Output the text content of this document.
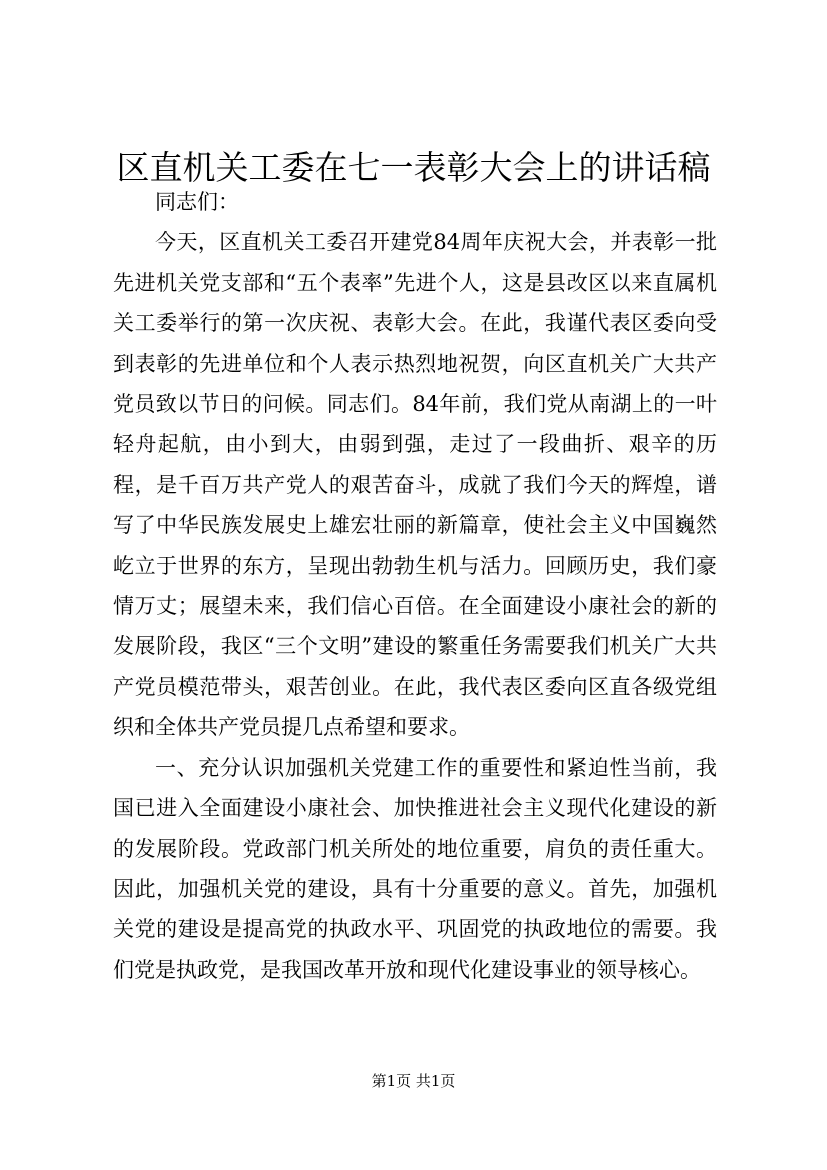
区直机关工委在七一表彰大会上的讲话稿

同志们：

今天，区直机关工委召开建党84周年庆祝大会，并表彰一批先进机关党支部和“五个表率”先进个人，这是县改区以来直属机关工委举行的第一次庆祝、表彰大会。在此，我谨代表区委向受到表彰的先进单位和个人表示热烈地祝贺，向区直机关广大共产党员致以节日的问候。同志们。84年前，我们党从南湖上的一叶轻舟起航，由小到大，由弱到强，走过了一段曲折、艰辛的历程，是千百万共产党人的艰苦奋斗，成就了我们今天的辉煌，谱写了中华民族发展史上雄宏壮丽的新篇章，使社会主义中国巍然屹立于世界的东方，呈现出勃勃生机与活力。回顾历史，我们豪情万丈；展望未来，我们信心百倍。在全面建设小康社会的新的发展阶段，我区“三个文明”建设的繁重任务需要我们机关广大共产党员模范带头，艰苦创业。在此，我代表区委向区直各级党组织和全体共产党员提几点希望和要求。

一、充分认识加强机关党建工作的重要性和紧迫性当前，我国已进入全面建设小康社会、加快推进社会主义现代化建设的新的发展阶段。党政部门机关所处的地位重要，肩负的责任重大。因此，加强机关党的建设，具有十分重要的意义。首先，加强机关党的建设是提高党的执政水平、巩固党的执政地位的需要。我们党是执政党，是我国改革开放和现代化建设事业的领导核心。

第1页 共1页
